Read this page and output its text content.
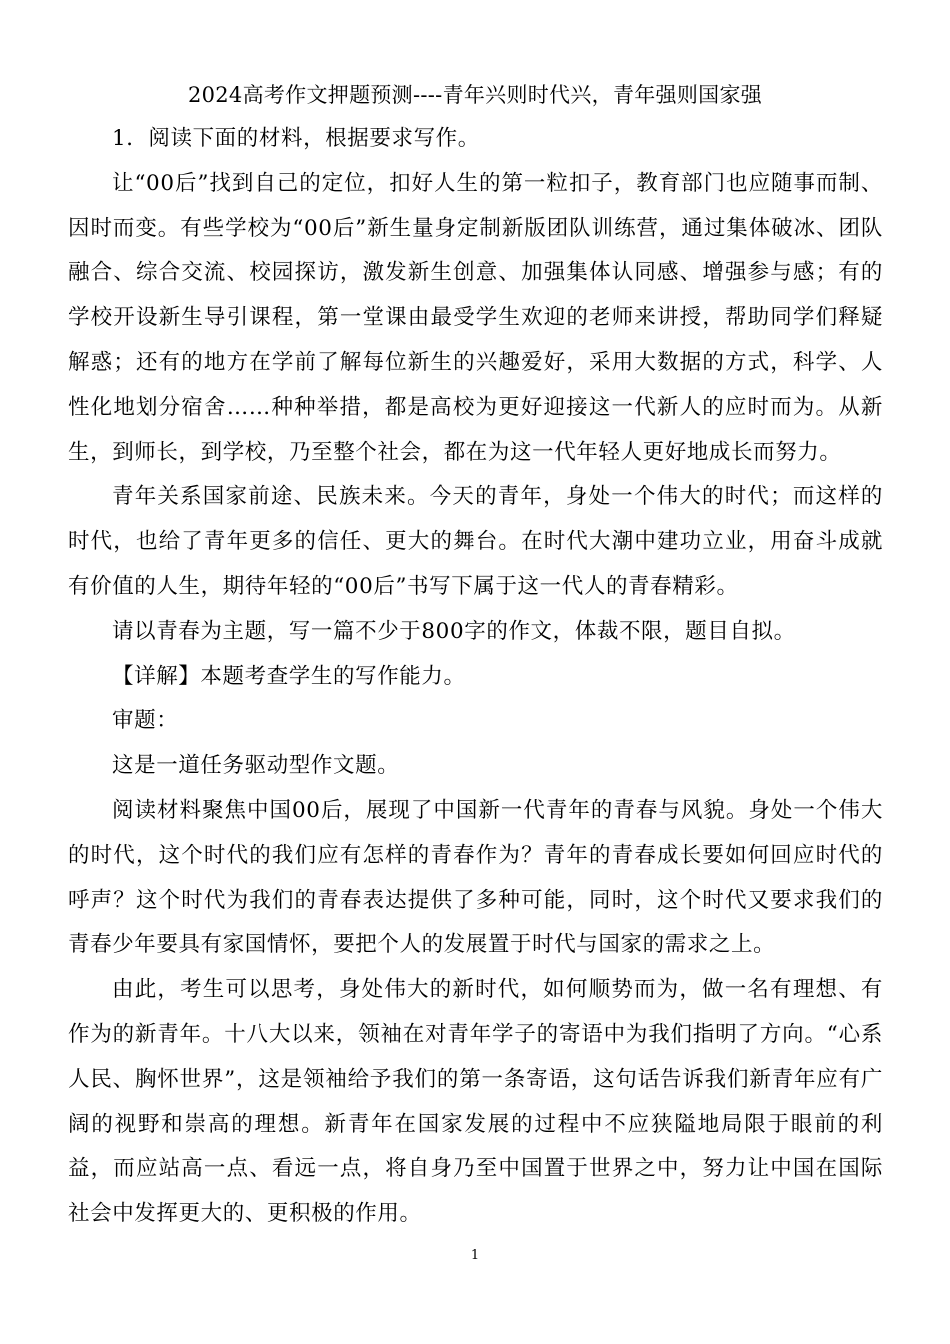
2024高考作文押题预测----青年兴则时代兴，青年强则国家强

1．阅读下面的材料，根据要求写作。

让“00后”找到自己的定位，扣好人生的第一粒扣子，教育部门也应随事而制、因时而变。有些学校为“00后”新生量身定制新版团队训练营，通过集体破冰、团队融合、综合交流、校园探访，激发新生创意、加强集体认同感、增强参与感；有的学校开设新生导引课程，第一堂课由最受学生欢迎的老师来讲授，帮助同学们释疑解惑；还有的地方在学前了解每位新生的兴趣爱好，采用大数据的方式，科学、人性化地划分宿舍……种种举措，都是高校为更好迎接这一代新人的应时而为。从新生，到师长，到学校，乃至整个社会，都在为这一代年轻人更好地成长而努力。

青年关系国家前途、民族未来。今天的青年，身处一个伟大的时代；而这样的时代，也给了青年更多的信任、更大的舞台。在时代大潮中建功立业，用奋斗成就有价值的人生，期待年轻的“00后”书写下属于这一代人的青春精彩。

请以青春为主题，写一篇不少于800字的作文，体裁不限，题目自拟。

【详解】本题考查学生的写作能力。

审题：

这是一道任务驱动型作文题。

阅读材料聚焦中国00后，展现了中国新一代青年的青春与风貌。身处一个伟大的时代，这个时代的我们应有怎样的青春作为？青年的青春成长要如何回应时代的呼声？这个时代为我们的青春表达提供了多种可能，同时，这个时代又要求我们的青春少年要具有家国情怀，要把个人的发展置于时代与国家的需求之上。

由此，考生可以思考，身处伟大的新时代，如何顺势而为，做一名有理想、有作为的新青年。十八大以来，领袖在对青年学子的寄语中为我们指明了方向。“心系人民、胸怀世界”，这是领袖给予我们的第一条寄语，这句话告诉我们新青年应有广阔的视野和崇高的理想。新青年在国家发展的过程中不应狭隘地局限于眼前的利益，而应站高一点、看远一点，将自身乃至中国置于世界之中，努力让中国在国际社会中发挥更大的、更积极的作用。

1
